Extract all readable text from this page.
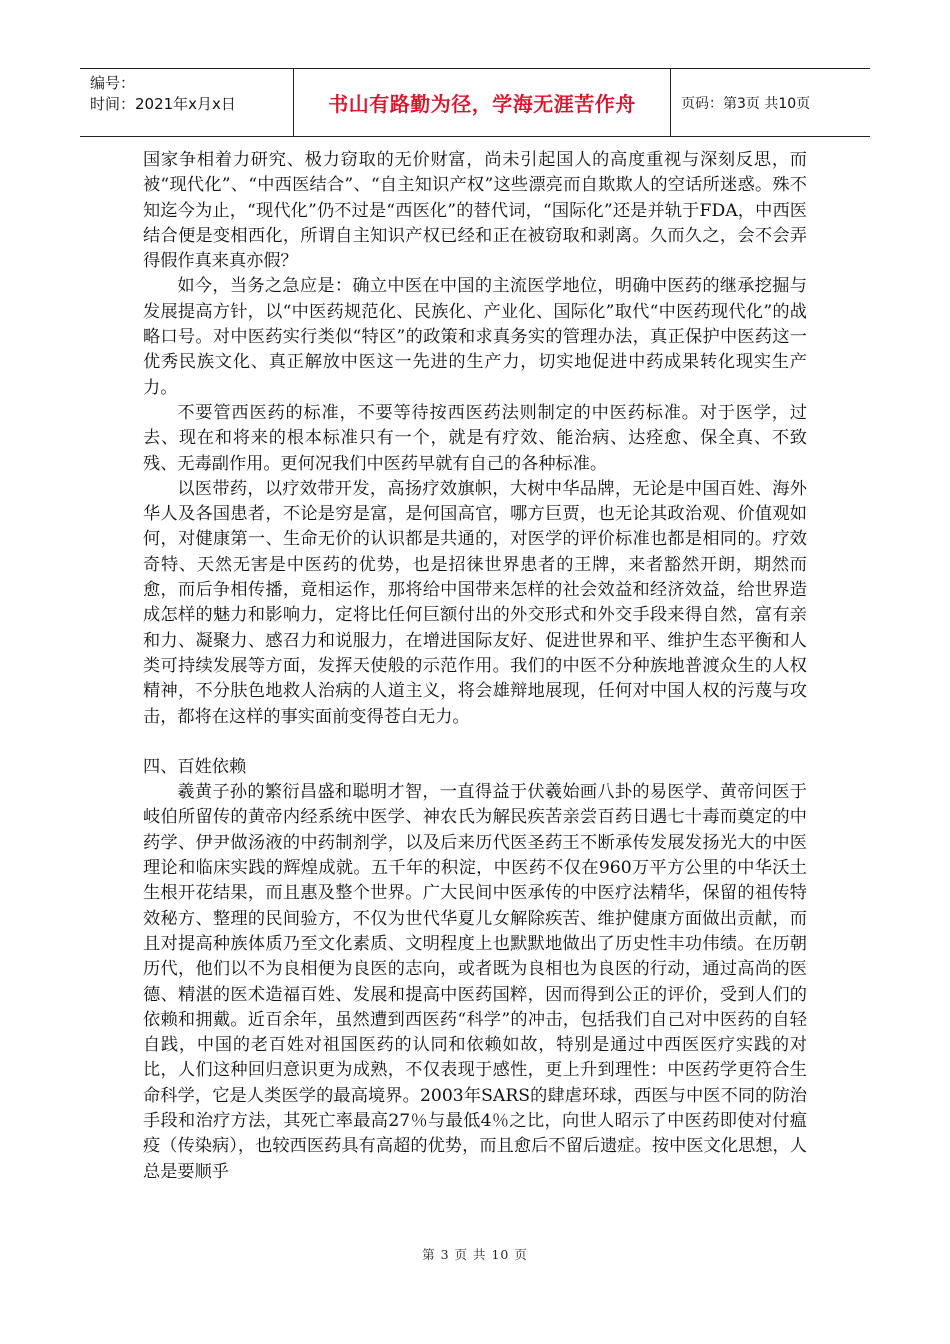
编号：
时间：2021年x月x日	书山有路勤为径，学海无涯苦作舟	页码：第3页 共10页

国家争相着力研究、极力窃取的无价财富，尚未引起国人的高度重视与深刻反思，而被“现代化”、“中西医结合”、“自主知识产权”这些漂亮而自欺欺人的空话所迷惑。殊不知迄今为止，“现代化”仍不过是“西医化”的替代词，“国际化”还是并轨于FDA，中西医结合便是变相西化，所谓自主知识产权已经和正在被窃取和剥离。久而久之，会不会弄得假作真来真亦假？

如今，当务之急应是：确立中医在中国的主流医学地位，明确中医药的继承挖掘与发展提高方针，以“中医药规范化、民族化、产业化、国际化”取代“中医药现代化”的战略口号。对中医药实行类似“特区”的政策和求真务实的管理办法，真正保护中医药这一优秀民族文化、真正解放中医这一先进的生产力，切实地促进中药成果转化现实生产力。

不要管西医药的标准，不要等待按西医药法则制定的中医药标准。对于医学，过去、现在和将来的根本标准只有一个，就是有疗效、能治病、达痊愈、保全真、不致残、无毒副作用。更何况我们中医药早就有自己的各种标准。

以医带药，以疗效带开发，高扬疗效旗帜，大树中华品牌，无论是中国百姓、海外华人及各国患者，不论是穷是富，是何国高官，哪方巨贾，也无论其政治观、价值观如何，对健康第一、生命无价的认识都是共通的，对医学的评价标准也都是相同的。疗效奇特、天然无害是中医药的优势，也是招徕世界患者的王牌，来者豁然开朗，期然而愈，而后争相传播，竟相运作，那将给中国带来怎样的社会效益和经济效益，给世界造成怎样的魅力和影响力，定将比任何巨额付出的外交形式和外交手段来得自然，富有亲和力、凝聚力、感召力和说服力，在增进国际友好、促进世界和平、维护生态平衡和人类可持续发展等方面，发挥天使般的示范作用。我们的中医不分种族地普渡众生的人权精神，不分肤色地救人治病的人道主义，将会雄辩地展现，任何对中国人权的污蔑与攻击，都将在这样的事实面前变得苍白无力。

四、百姓依赖

羲黄子孙的繁衍昌盛和聪明才智，一直得益于伏羲始画八卦的易医学、黄帝问医于岐伯所留传的黄帝内经系统中医学、神农氏为解民疾苦亲尝百药日遇七十毒而奠定的中药学、伊尹做汤液的中药制剂学，以及后来历代医圣药王不断承传发展发扬光大的中医理论和临床实践的辉煌成就。五千年的积淀，中医药不仅在960万平方公里的中华沃土生根开花结果，而且惠及整个世界。广大民间中医承传的中医疗法精华，保留的祖传特效秘方、整理的民间验方，不仅为世代华夏儿女解除疾苦、维护健康方面做出贡献，而且对提高种族体质乃至文化素质、文明程度上也默默地做出了历史性丰功伟绩。在历朝历代，他们以不为良相便为良医的志向，或者既为良相也为良医的行动，通过高尚的医德、精湛的医术造福百姓、发展和提高中医药国粹，因而得到公正的评价，受到人们的依赖和拥戴。近百余年，虽然遭到西医药“科学”的冲击，包括我们自己对中医药的自轻自践，中国的老百姓对祖国医药的认同和依赖如故，特别是通过中西医医疗实践的对比，人们这种回归意识更为成熟，不仅表现于感性，更上升到理性：中医药学更符合生命科学，它是人类医学的最高境界。2003年SARS的肆虐环球，西医与中医不同的防治手段和治疗方法，其死亡率最高27％与最低4％之比，向世人昭示了中医药即使对付瘟疫（传染病），也较西医药具有高超的优势，而且愈后不留后遗症。按中医文化思想，人总是要顺乎

第 3 页 共 10 页
